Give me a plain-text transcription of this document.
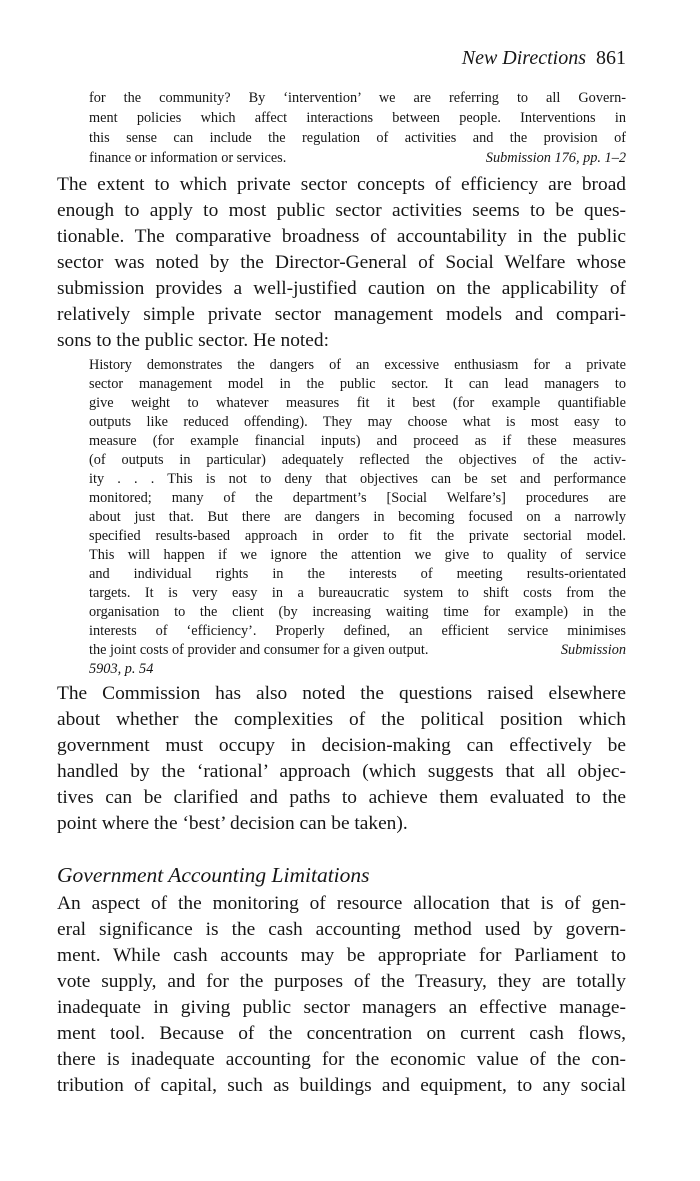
New Directions 861
for the community? By ‘intervention’ we are referring to all Govern-
ment policies which affect interactions between people. Interventions in
this sense can include the regulation of activities and the provision of
finance or information or services.	Submission 176, pp. 1–2
The extent to which private sector concepts of efficiency are broad
enough to apply to most public sector activities seems to be ques-
tionable. The comparative broadness of accountability in the public
sector was noted by the Director-General of Social Welfare whose
submission provides a well-justified caution on the applicability of
relatively simple private sector management models and compari-
sons to the public sector. He noted:
History demonstrates the dangers of an excessive enthusiasm for a private
sector management model in the public sector. It can lead managers to
give weight to whatever measures fit it best (for example quantifiable
outputs like reduced offending). They may choose what is most easy to
measure (for example financial inputs) and proceed as if these measures
(of outputs in particular) adequately reflected the objectives of the activ-
ity . . . This is not to deny that objectives can be set and performance
monitored; many of the department’s [Social Welfare’s] procedures are
about just that. But there are dangers in becoming focused on a narrowly
specified results-based approach in order to fit the private sectorial model.
This will happen if we ignore the attention we give to quality of service
and individual rights in the interests of meeting results-orientated
targets. It is very easy in a bureaucratic system to shift costs from the
organisation to the client (by increasing waiting time for example) in the
interests of ‘efficiency’. Properly defined, an efficient service minimises
the joint costs of provider and consumer for a given output.	Submission
5903, p. 54
The Commission has also noted the questions raised elsewhere
about whether the complexities of the political position which
government must occupy in decision-making can effectively be
handled by the ‘rational’ approach (which suggests that all objec-
tives can be clarified and paths to achieve them evaluated to the
point where the ‘best’ decision can be taken).
Government Accounting Limitations
An aspect of the monitoring of resource allocation that is of gen-
eral significance is the cash accounting method used by govern-
ment. While cash accounts may be appropriate for Parliament to
vote supply, and for the purposes of the Treasury, they are totally
inadequate in giving public sector managers an effective manage-
ment tool. Because of the concentration on current cash flows,
there is inadequate accounting for the economic value of the con-
tribution of capital, such as buildings and equipment, to any social
